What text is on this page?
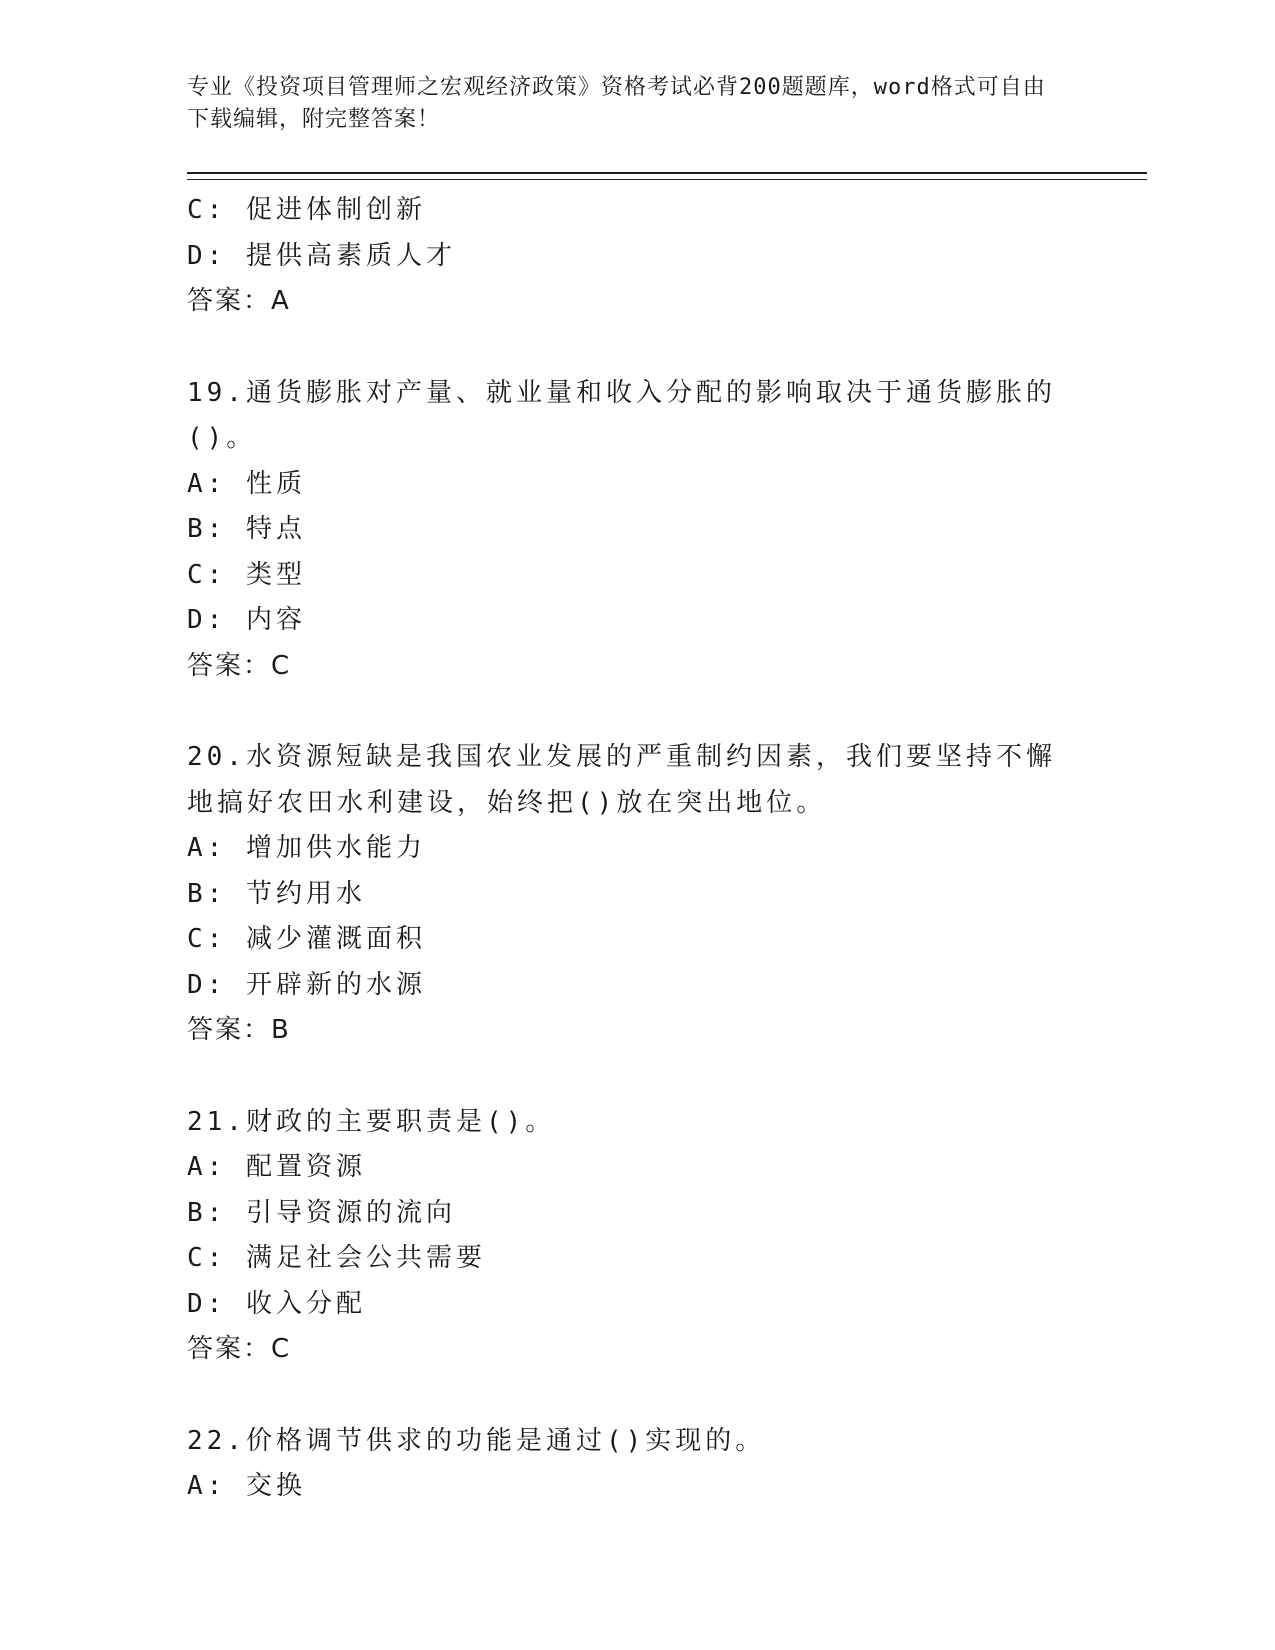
专业《投资项目管理师之宏观经济政策》资格考试必背200题题库，word格式可自由下载编辑，附完整答案！

C: 促进体制创新
D: 提供高素质人才
答案：A
19.通货膨胀对产量、就业量和收入分配的影响取决于通货膨胀的()。
A: 性质
B: 特点
C: 类型
D: 内容
答案：C
20.水资源短缺是我国农业发展的严重制约因素，我们要坚持不懈地搞好农田水利建设，始终把()放在突出地位。
A: 增加供水能力
B: 节约用水
C: 减少灌溉面积
D: 开辟新的水源
答案：B
21.财政的主要职责是()。
A: 配置资源
B: 引导资源的流向
C: 满足社会公共需要
D: 收入分配
答案：C
22.价格调节供求的功能是通过()实现的。
A: 交换
